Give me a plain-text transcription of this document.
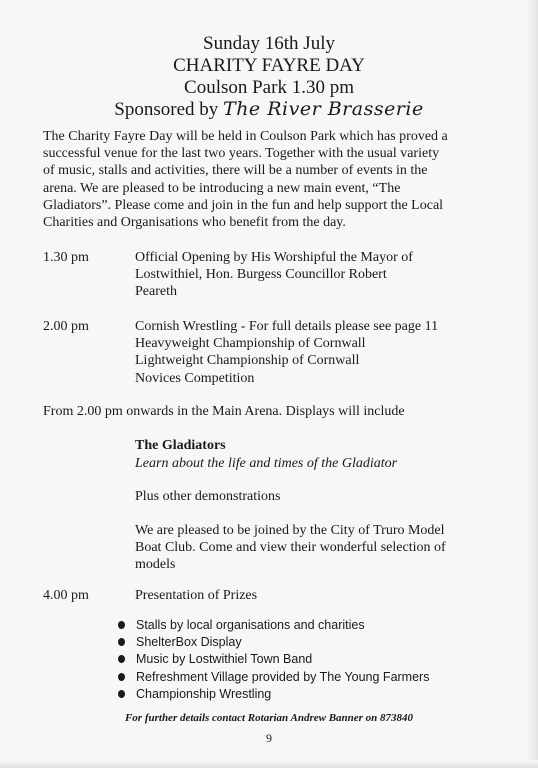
Sunday 16th July
CHARITY FAYRE DAY
Coulson Park 1.30 pm
Sponsored by The River Brasserie
The Charity Fayre Day will be held in Coulson Park which has proved a
successful venue for the last two years. Together with the usual variety
of music, stalls and activities, there will be a number of events in the
arena. We are pleased to be introducing a new main event, “The
Gladiators”. Please come and join in the fun and help support the Local
Charities and Organisations who benefit from the day.
1.30 pm	Official Opening by His Worshipful the Mayor of
Lostwithiel, Hon. Burgess Councillor Robert
Peareth
2.00 pm	Cornish Wrestling - For full details please see page 11
Heavyweight Championship of Cornwall
Lightweight Championship of Cornwall
Novices Competition
From 2.00 pm onwards in the Main Arena. Displays will include
The Gladiators
Learn about the life and times of the Gladiator
Plus other demonstrations
We are pleased to be joined by the City of Truro Model
Boat Club. Come and view their wonderful selection of
models
4.00 pm	Presentation of Prizes
Stalls by local organisations and charities
ShelterBox Display
Music by Lostwithiel Town Band
Refreshment Village provided by The Young Farmers
Championship Wrestling
For further details contact Rotarian Andrew Banner on 873840
9
